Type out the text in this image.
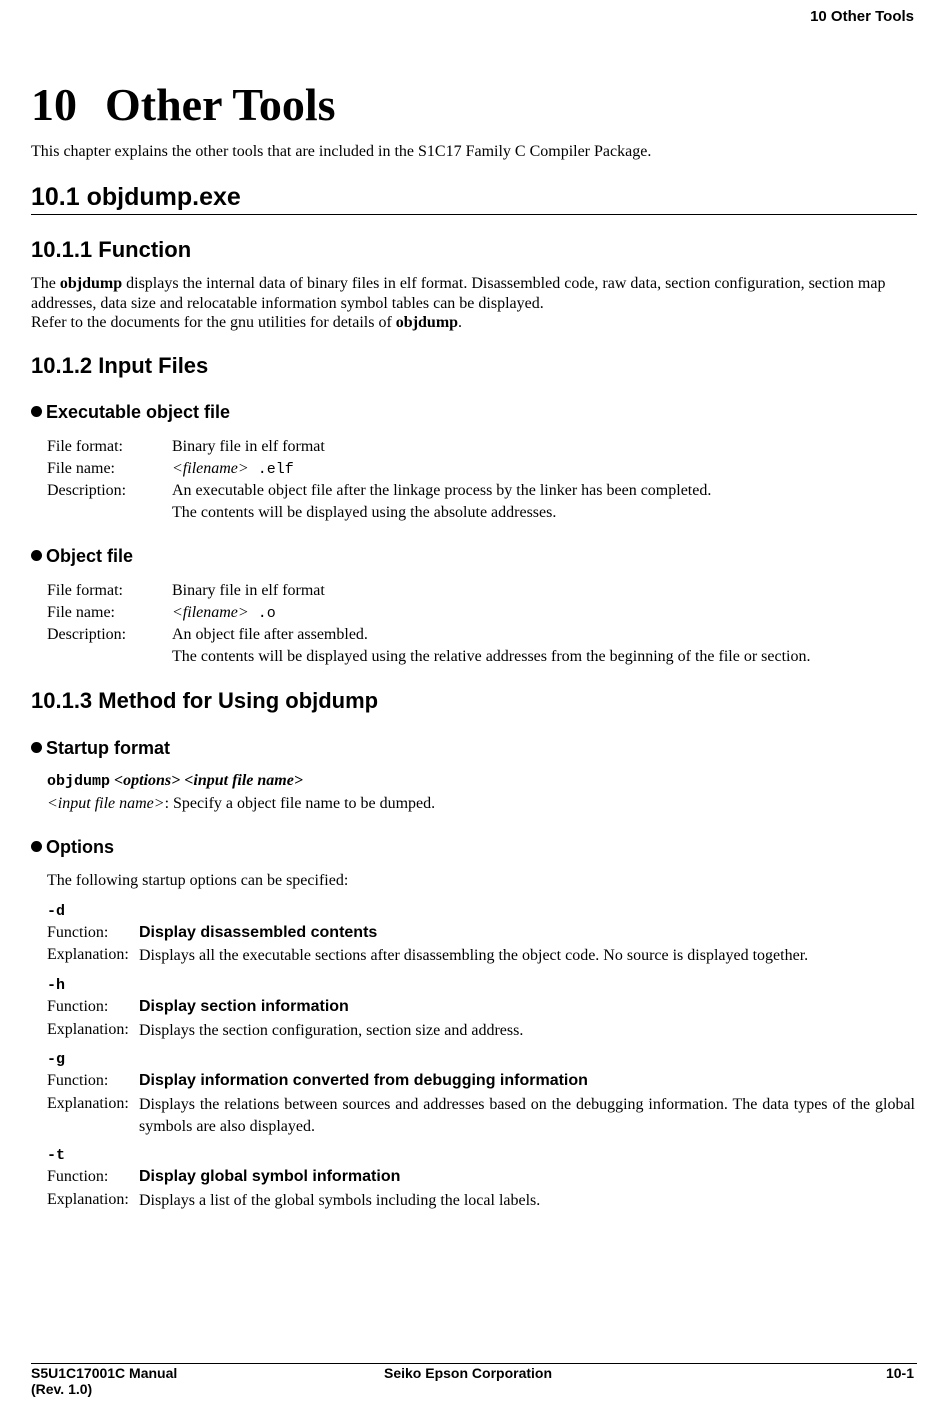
10 Other Tools
10 Other Tools
This chapter explains the other tools that are included in the S1C17 Family C Compiler Package.
10.1 objdump.exe
10.1.1 Function
The objdump displays the internal data of binary files in elf format. Disassembled code, raw data, section configuration, section map addresses, data size and relocatable information symbol tables can be displayed.
Refer to the documents for the gnu utilities for details of objdump.
10.1.2 Input Files
Executable object file
File format:	Binary file in elf format
File name:	<filename> .elf
Description:	An executable object file after the linkage process by the linker has been completed.
The contents will be displayed using the absolute addresses.
Object file
File format:	Binary file in elf format
File name:	<filename> .o
Description:	An object file after assembled.
The contents will be displayed using the relative addresses from the beginning of the file or section.
10.1.3 Method for Using objdump
Startup format
objdump <options> <input file name>
<input file name>: Specify a object file name to be dumped.
Options
The following startup options can be specified:
-d
Function: Display disassembled contents
Explanation: Displays all the executable sections after disassembling the object code. No source is displayed together.
-h
Function: Display section information
Explanation: Displays the section configuration, section size and address.
-g
Function: Display information converted from debugging information
Explanation: Displays the relations between sources and addresses based on the debugging information. The data types of the global symbols are also displayed.
-t
Function: Display global symbol information
Explanation: Displays a list of the global symbols including the local labels.
S5U1C17001C Manual
(Rev. 1.0)
Seiko Epson Corporation	10-1
